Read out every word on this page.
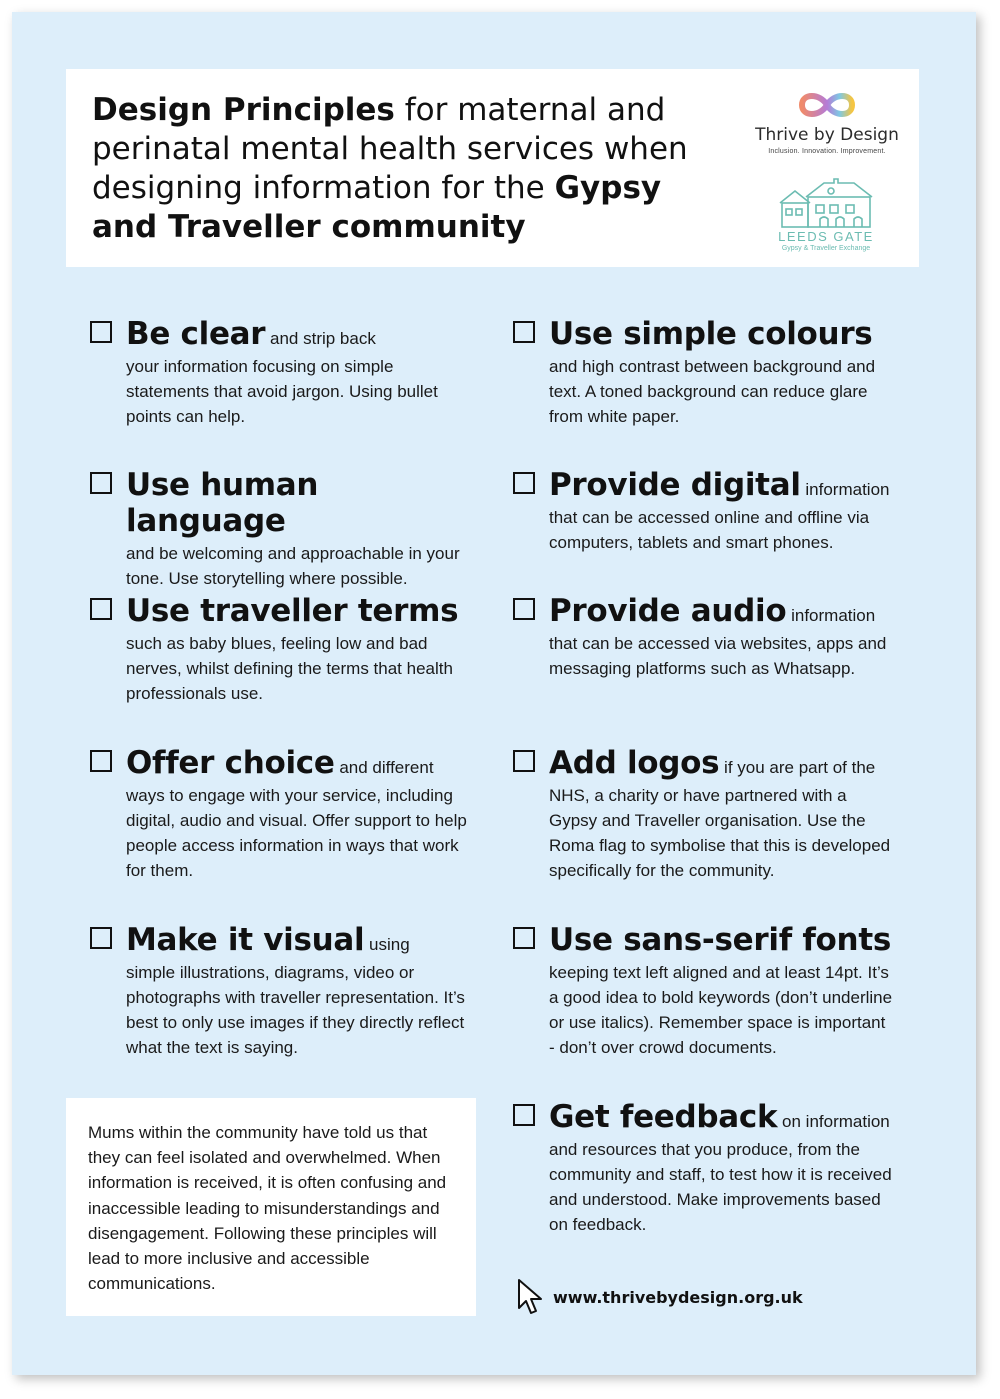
Design Principles for maternal and perinatal mental health services when designing information for the Gypsy and Traveller community
Thrive by Design
Inclusion. Innovation. Improvement.
LEEDS GATE
Gypsy & Traveller Exchange
Be clear and strip back
your information focusing on simple statements that avoid jargon. Using bullet points can help.
Use simple colours
and high contrast between background and text. A toned background can reduce glare from white paper.
Use human language
and be welcoming and approachable in your tone. Use storytelling where possible.
Provide digital information
that can be accessed online and offline via computers, tablets and smart phones.
Use traveller terms
such as baby blues, feeling low and bad nerves, whilst defining the terms that health professionals use.
Provide audio information
that can be accessed via websites, apps and messaging platforms such as Whatsapp.
Offer choice and different
ways to engage with your service, including digital, audio and visual. Offer support to help people access information in ways that work for them.
Add logos if you are part of the
NHS, a charity or have partnered with a Gypsy and Traveller organisation. Use the Roma flag to symbolise that this is developed specifically for the community.
Make it visual using
simple illustrations, diagrams, video or photographs with traveller representation. It’s best to only use images if they directly reflect what the text is saying.
Use sans-serif fonts
keeping text left aligned and at least 14pt. It’s a good idea to bold keywords (don’t underline or use italics). Remember space is important - don’t over crowd documents.
Get feedback on information
and resources that you produce, from the community and staff, to test how it is received and understood. Make improvements based on feedback.

Mums within the community have told us that they can feel isolated and overwhelmed. When information is received, it is often confusing and inaccessible leading to misunderstandings and disengagement. Following these principles will lead to more inclusive and accessible communications.

www.thrivebydesign.org.uk
